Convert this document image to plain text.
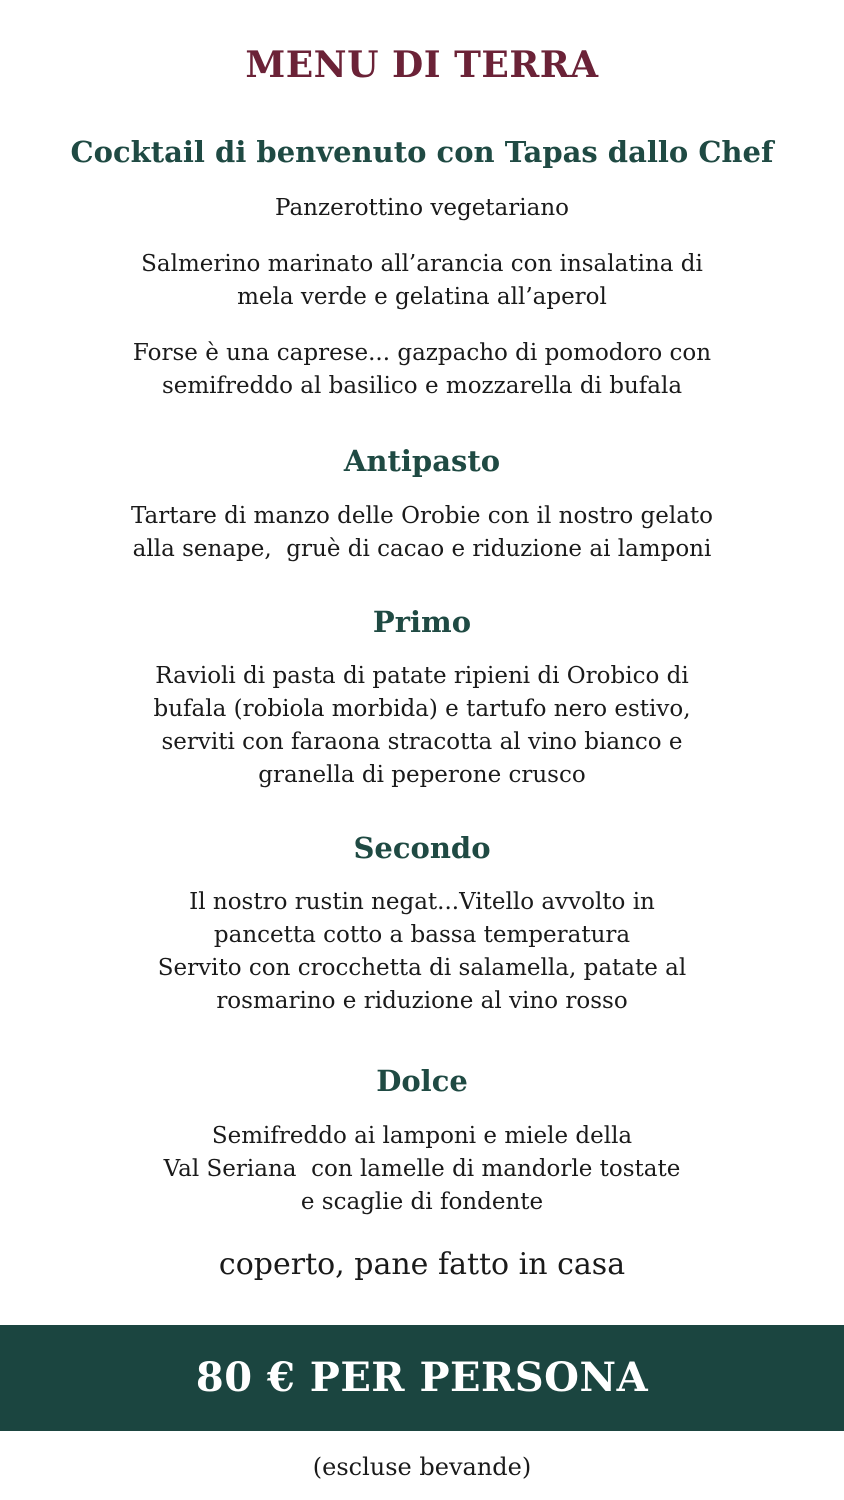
MENU DI TERRA
Cocktail di benvenuto con Tapas dallo Chef
Panzerottino vegetariano
Salmerino marinato all’arancia con insalatina di
mela verde e gelatina all’aperol
Forse è una caprese... gazpacho di pomodoro con
semifreddo al basilico e mozzarella di bufala
Antipasto
Tartare di manzo delle Orobie con il nostro gelato
alla senape,  gruè di cacao e riduzione ai lamponi
Primo
Ravioli di pasta di patate ripieni di Orobico di
bufala (robiola morbida) e tartufo nero estivo,
serviti con faraona stracotta al vino bianco e
granella di peperone crusco
Secondo
Il nostro rustin negat...Vitello avvolto in
pancetta cotto a bassa temperatura
Servito con crocchetta di salamella, patate al
rosmarino e riduzione al vino rosso
Dolce
Semifreddo ai lamponi e miele della
Val Seriana  con lamelle di mandorle tostate
e scaglie di fondente
coperto, pane fatto in casa
80 € PER PERSONA
(escluse bevande)
